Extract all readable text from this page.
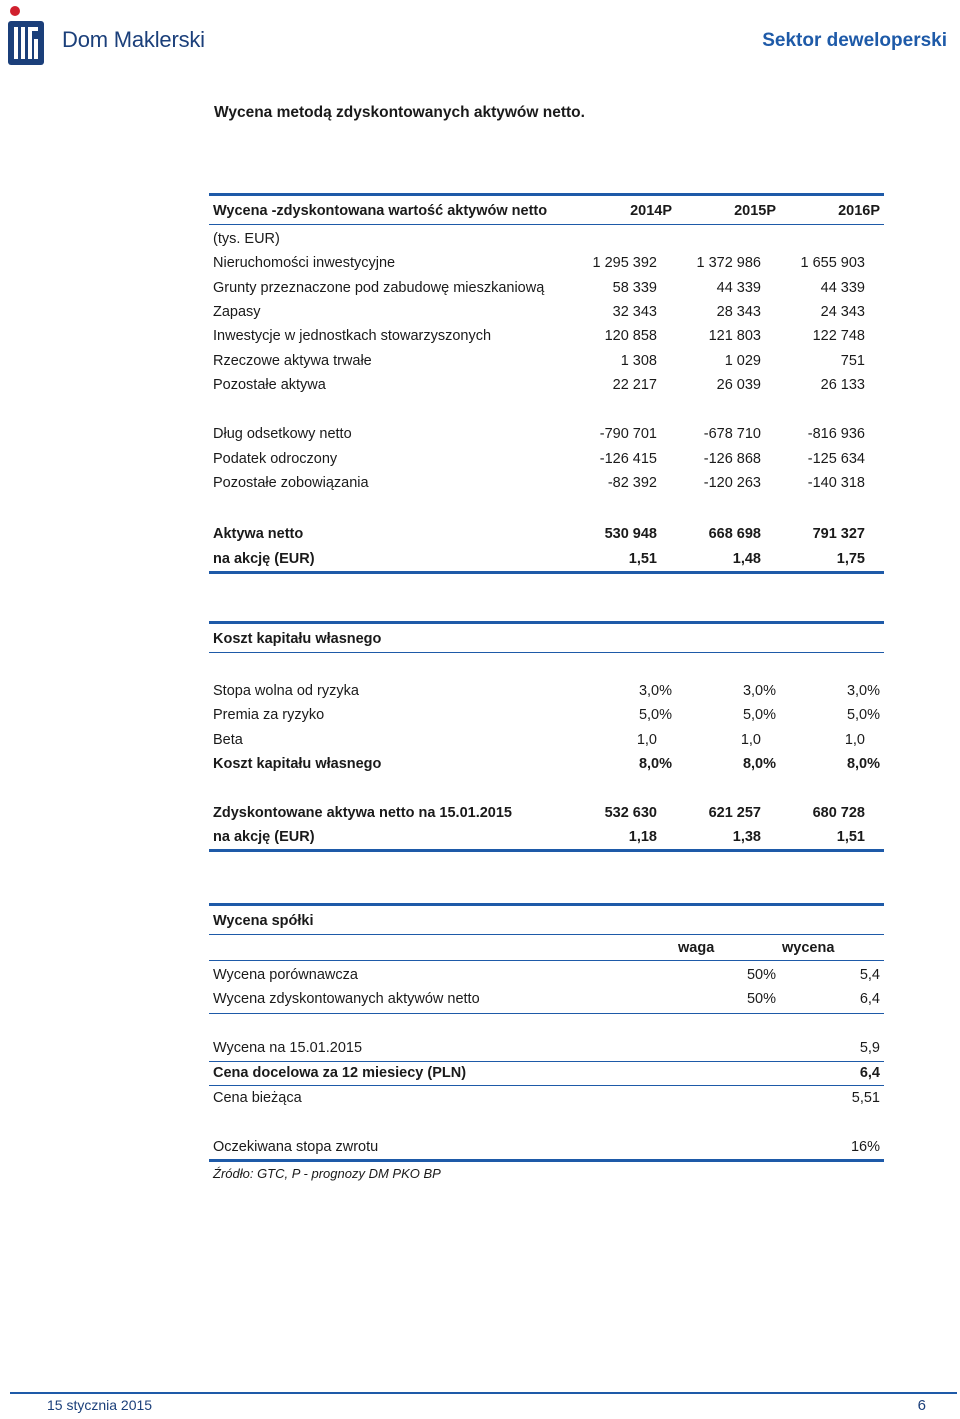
Dom Maklerski	Sektor deweloperski
Wycena metodą zdyskontowanych aktywów netto.
Wycena -zdyskontowana wartość aktywów netto	2014P	2015P	2016P
(tys. EUR)
Nieruchomości inwestycyjne	1 295 392	1 372 986	1 655 903
Grunty przeznaczone pod zabudowę mieszkaniową	58 339	44 339	44 339
Zapasy	32 343	28 343	24 343
Inwestycje w jednostkach stowarzyszonych	120 858	121 803	122 748
Rzeczowe aktywa trwałe	1 308	1 029	751
Pozostałe aktywa	22 217	26 039	26 133
Dług odsetkowy netto	-790 701	-678 710	-816 936
Podatek odroczony	-126 415	-126 868	-125 634
Pozostałe zobowiązania	-82 392	-120 263	-140 318
Aktywa netto	530 948	668 698	791 327
na akcję (EUR)	1,51	1,48	1,75
Koszt kapitału własnego
Stopa wolna od ryzyka	3,0%	3,0%	3,0%
Premia za ryzyko	5,0%	5,0%	5,0%
Beta	1,0	1,0	1,0
Koszt kapitału własnego	8,0%	8,0%	8,0%
Zdyskontowane aktywa netto na 15.01.2015	532 630	621 257	680 728
na akcję (EUR)	1,18	1,38	1,51
Wycena spółki
waga	wycena
Wycena porównawcza	50%	5,4
Wycena zdyskontowanych aktywów netto	50%	6,4
Wycena na 15.01.2015	5,9
Cena docelowa za 12 miesiecy (PLN)	6,4
Cena bieżąca	5,51
Oczekiwana stopa zwrotu	16%
Źródło: GTC, P - prognozy DM PKO BP
15 stycznia 2015	6
